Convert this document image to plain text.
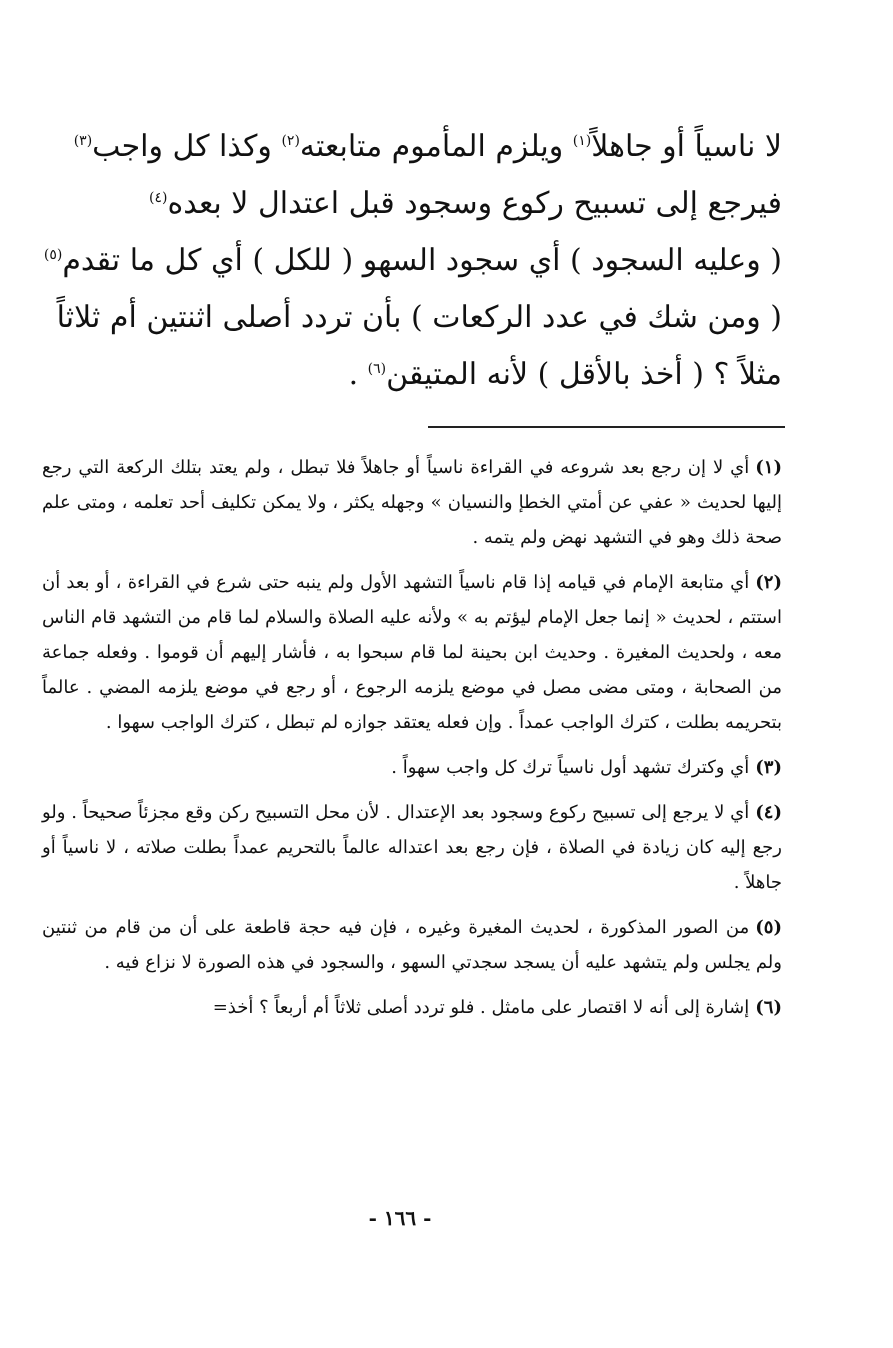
لا ناسياً أو جاهلاً$^{(١)}$ ويلزم المأموم متابعته$^{(٢)}$ وكذا كل واجب$^{(٣)}$
فيرجع إلى تسبيح ركوع وسجود قبل اعتدال لا بعده$^{(٤)}$
( وعليه السجود ) أي سجود السهو ( للكل ) أي كل ما تقدم$^{(٥)}$
( ومن شك في عدد الركعات ) بأن تردد أصلى اثنتين أم ثلاثاً
مثلاً ؟ ( أخذ بالأقل ) لأنه المتيقن$^{(٦)}$ .

(١)أي لا إن رجع بعد شروعه في القراءة ناسياً أو جاهلاً فلا تبطل ، ولم يعتد بتلك الركعة التي رجع إليها لحديث « عفي عن أمتي الخطإ والنسيان » وجهله يكثر ، ولا يمكن تكليف أحد تعلمه ، ومتى علم صحة ذلك وهو في التشهد نهض ولم يتمه .

(٢)أي متابعة الإمام في قيامه إذا قام ناسياً التشهد الأول ولم ينبه حتى شرع في القراءة ، أو بعد أن استتم ، لحديث « إنما جعل الإمام ليؤتم به » ولأنه عليه الصلاة والسلام لما قام من التشهد قام الناس معه ، ولحديث المغيرة . وحديث ابن بحينة لما قام سبحوا به ، فأشار إليهم أن قوموا . وفعله جماعة من الصحابة ، ومتى مضى مصل في موضع يلزمه الرجوع ، أو رجع في موضع يلزمه المضي . عالماً بتحريمه بطلت ، كترك الواجب عمداً . وإن فعله يعتقد جوازه لم تبطل ، كترك الواجب سهوا .

(٣)أي وكترك تشهد أول ناسياً ترك كل واجب سهواً .

(٤)أي لا يرجع إلى تسبيح ركوع وسجود بعد الإعتدال . لأن محل التسبيح ركن وقع مجزئاً صحيحاً . ولو رجع إليه كان زيادة في الصلاة ، فإن رجع بعد اعتداله عالماً بالتحريم عمداً بطلت صلاته ، لا ناسياً أو جاهلاً .

(٥)من الصور المذكورة ، لحديث المغيرة وغيره ، فإن فيه حجة قاطعة على أن من قام من ثنتين ولم يجلس ولم يتشهد عليه أن يسجد سجدتي السهو ، والسجود في هذه الصورة لا نزاع فيه .

(٦)إشارة إلى أنه لا اقتصار على مامثل . فلو تردد أصلى ثلاثاً أم أربعاً ؟ أخذ=

- ١٦٦ -
